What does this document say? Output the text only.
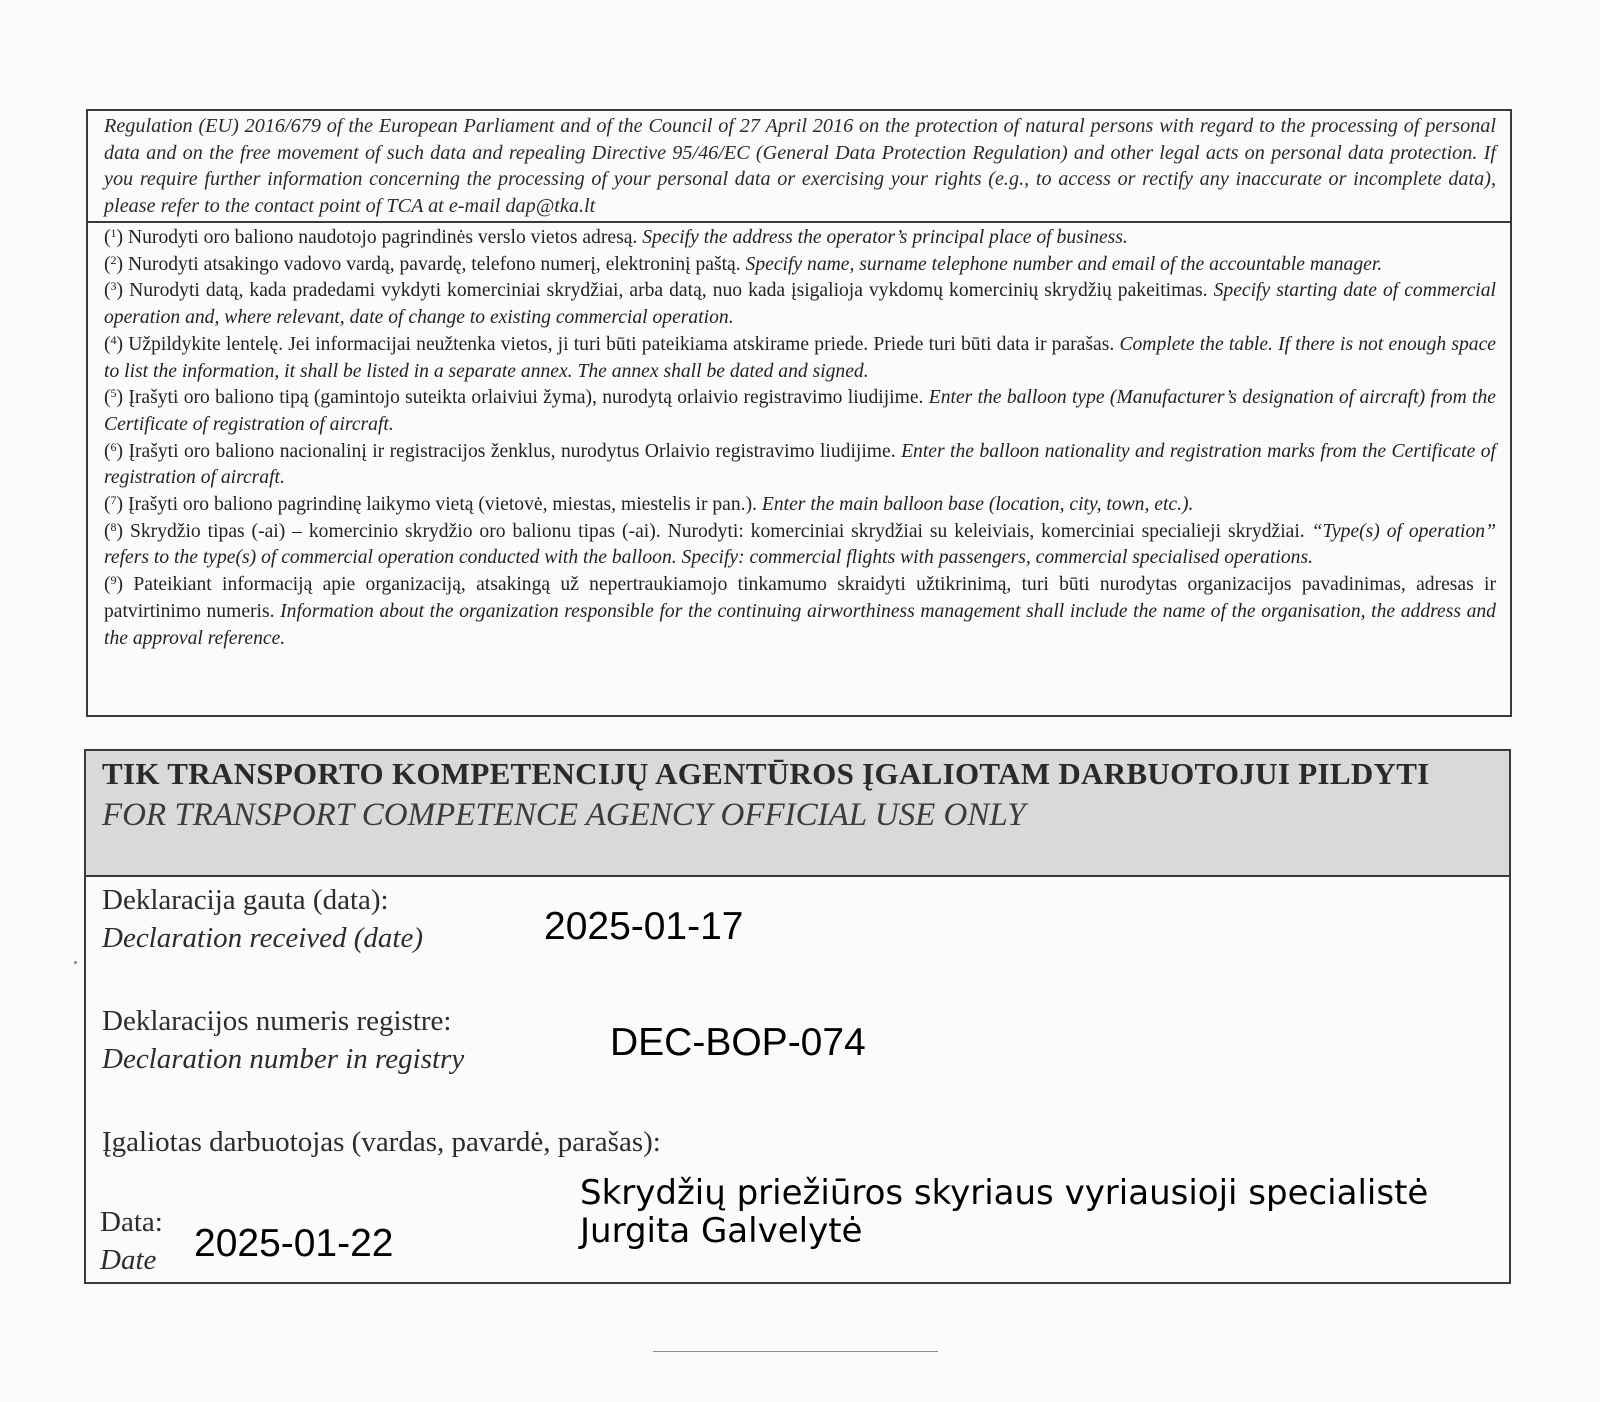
Regulation (EU) 2016/679 of the European Parliament and of the Council of 27 April 2016 on the protection of natural persons with regard to the processing of personal data and on the free movement of such data and repealing Directive 95/46/EC (General Data Protection Regulation) and other legal acts on personal data protection. If you require further information concerning the processing of your personal data or exercising your rights (e.g., to access or rectify any inaccurate or incomplete data), please refer to the contact point of TCA at e-mail dap@tka.lt
($^1$) Nurodyti oro baliono naudotojo pagrindinės verslo vietos adresą. Specify the address the operator’s principal place of business.
($^2$) Nurodyti atsakingo vadovo vardą, pavardę, telefono numerį, elektroninį paštą. Specify name, surname telephone number and email of the accountable manager.
($^3$) Nurodyti datą, kada pradedami vykdyti komerciniai skrydžiai, arba datą, nuo kada įsigalioja vykdomų komercinių skrydžių pakeitimas. Specify starting date of commercial operation and, where relevant, date of change to existing commercial operation.
($^4$) Užpildykite lentelę. Jei informacijai neužtenka vietos, ji turi būti pateikiama atskirame priede. Priede turi būti data ir parašas. Complete the table. If there is not enough space to list the information, it shall be listed in a separate annex. The annex shall be dated and signed.
($^5$) Įrašyti oro baliono tipą (gamintojo suteikta orlaiviui žyma), nurodytą orlaivio registravimo liudijime. Enter the balloon type (Manufacturer’s designation of aircraft) from the Certificate of registration of aircraft.
($^6$) Įrašyti oro baliono nacionalinį ir registracijos ženklus, nurodytus Orlaivio registravimo liudijime. Enter the balloon nationality and registration marks from the Certificate of registration of aircraft.
($^7$) Įrašyti oro baliono pagrindinę laikymo vietą (vietovė, miestas, miestelis ir pan.). Enter the main balloon base (location, city, town, etc.).
($^8$) Skrydžio tipas (-ai) – komercinio skrydžio oro balionu tipas (-ai). Nurodyti: komerciniai skrydžiai su keleiviais, komerciniai specialieji skrydžiai. “Type(s) of operation” refers to the type(s) of commercial operation conducted with the balloon. Specify: commercial flights with passengers, commercial specialised operations.
($^9$) Pateikiant informaciją apie organizaciją, atsakingą už nepertraukiamojo tinkamumo skraidyti užtikrinimą, turi būti nurodytas organizacijos pavadinimas, adresas ir patvirtinimo numeris. Information about the organization responsible for the continuing airworthiness management shall include the name of the organisation, the address and the approval reference.
TIK TRANSPORTO KOMPETENCIJŲ AGENTŪROS ĮGALIOTAM DARBUOTOJUI PILDYTI
FOR TRANSPORT COMPETENCE AGENCY OFFICIAL USE ONLY
Deklaracija gauta (data):
Declaration received (date)	2025-01-17
Deklaracijos numeris registre:
Declaration number in registry	DEC-BOP-074
Įgaliotas darbuotojas (vardas, pavardė, parašas):
Skrydžių priežiūros skyriaus vyriausioji specialistė
Jurgita Galvelytė
Data:
Date 2025-01-22
